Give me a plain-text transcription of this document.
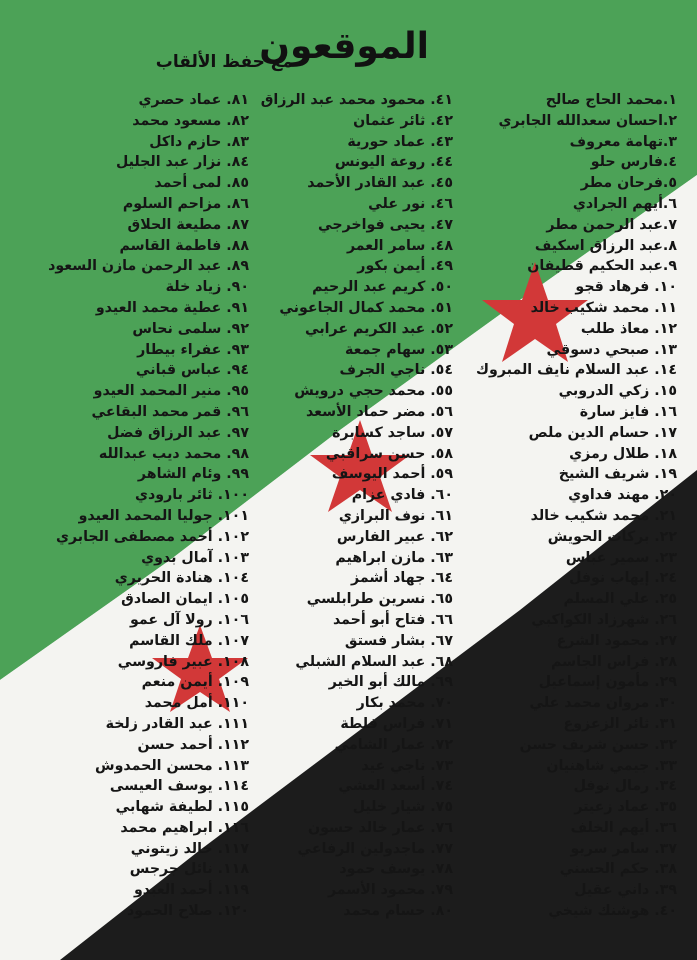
الموقعون
مع حفظ الألقاب
١.محمد الحاج صالح
٢.احسان سعدالله الجابري
٣.تهامة معروف
٤.فارس حلو
٥.فرحان مطر
٦.أيهم الجرادي
٧.عبد الرحمن مطر
٨.عبد الرزاق اسكيف
٩.عبد الحكيم قطيفان
١٠. فرهاد قجو
١١. محمد شكيب خالد
١٢. معاذ طلب
١٣. صبحي دسوقي
١٤. عبد السلام نايف المبروك
١٥. زكي الدروبي
١٦. فايز سارة
١٧. حسام الدين ملص
١٨. طلال رمزي
١٩. شريف الشيخ
٢٠. مهند فداوي
٢١. محمد شكيب خالد
٢٢. بركات الحويش
٢٣. سمير عباس
٢٤. إيهاب نوفل
٢٥. علي المسلم
٢٦. شهرزاد الكواكبي
٢٧. محمود الشرع
٢٨. فراس الجاسم
٢٩. مأمون إسماعيل
٣٠. مروان محمد علي
٣١. ثائر الزعزوع
٣٢. حسن شريف حسن
٣٣. جيمي شاهنيان
٣٤. رمال نوفل
٣٥. عماد زعيتر
٣٦. أيهم الخلف
٣٧. سامر سريو
٣٨. حكم الحسني
٣٩. داني عقيل
٤٠. هوشنك شيخي
٤١. محمود محمد عبد الرزاق
٤٢. ثائر عثمان
٤٣. عماد حورية
٤٤. روعة اليونس
٤٥. عبد القادر الأحمد
٤٦. نور علي
٤٧. يحيى فواخرجي
٤٨. سامر العمر
٤٩. أيمن بكور
٥٠. كريم عبد الرحيم
٥١. محمد كمال الجاعوني
٥٢. عبد الكريم عرابي
٥٣. سهام جمعة
٥٤. ناجي الجرف
٥٥. محمد حجي درويش
٥٦. مضر حماد الأسعد
٥٧. ساجد كسابرة
٥٨. حسن سراقبي
٥٩. أحمد اليوسف
٦٠. فادي عزام
٦١. نوف البرازي
٦٢. عبير الفارس
٦٣. مازن ابراهيم
٦٤. جهاد أشمز
٦٥. نسرين طرابلسي
٦٦. فتاح أبو أحمد
٦٧. بشار فستق
٦٨. عبد السلام الشبلي
٦٩. مالك أبو الخير
٧٠. محمد بكار
٧١. فراس فلطة
٧٢. عمار الشامي
٧٣. ناجي عيد
٧٤. أسعد العشي
٧٥. شيار خليل
٧٦. عمار خالد حسون
٧٧. ماجدولين الرفاعي
٧٨. يوسف حمود
٧٩. محمود الأسمر
٨٠. حسام محمد
٨١. عماد حصري
٨٢. مسعود محمد
٨٣. حازم داكل
٨٤. نزار عبد الجليل
٨٥. لمى أحمد
٨٦. مزاحم السلوم
٨٧. مطيعة الحلاق
٨٨. فاطمة القاسم
٨٩. عبد الرحمن مازن السعود
٩٠. زياد خلة
٩١. عطية محمد العيدو
٩٢. سلمى نحاس
٩٣. عفراء بيطار
٩٤. عباس قباني
٩٥. منير المحمد العيدو
٩٦. قمر محمد البقاعي
٩٧. عبد الرزاق فضل
٩٨. محمد ديب عبدالله
٩٩. وئام الشاهر
١٠٠. ثائر بارودي
١٠١. جوليا المحمد العيدو
١٠٢. أحمد مصطفى الجابري
١٠٣. آمال بدوي
١٠٤. هنادة الحريري
١٠٥. ايمان الصادق
١٠٦. رولا آل عمو
١٠٧. ملك القاسم
١٠٨. عبير فاروسي
١٠٩. أيمن منعم
١١٠. أمل محمد
١١١. عبد القادر زلخة
١١٢. أحمد حسن
١١٣. محسن الحمدوش
١١٤. يوسف العيسى
١١٥. لطيفة شهابي
١١٦. ابراهيم محمد
١١٧. خالد زيتوني
١١٨. نائل جرجس
١١٩. أحمد العبدو
١٢٠. صلاح الحمود
